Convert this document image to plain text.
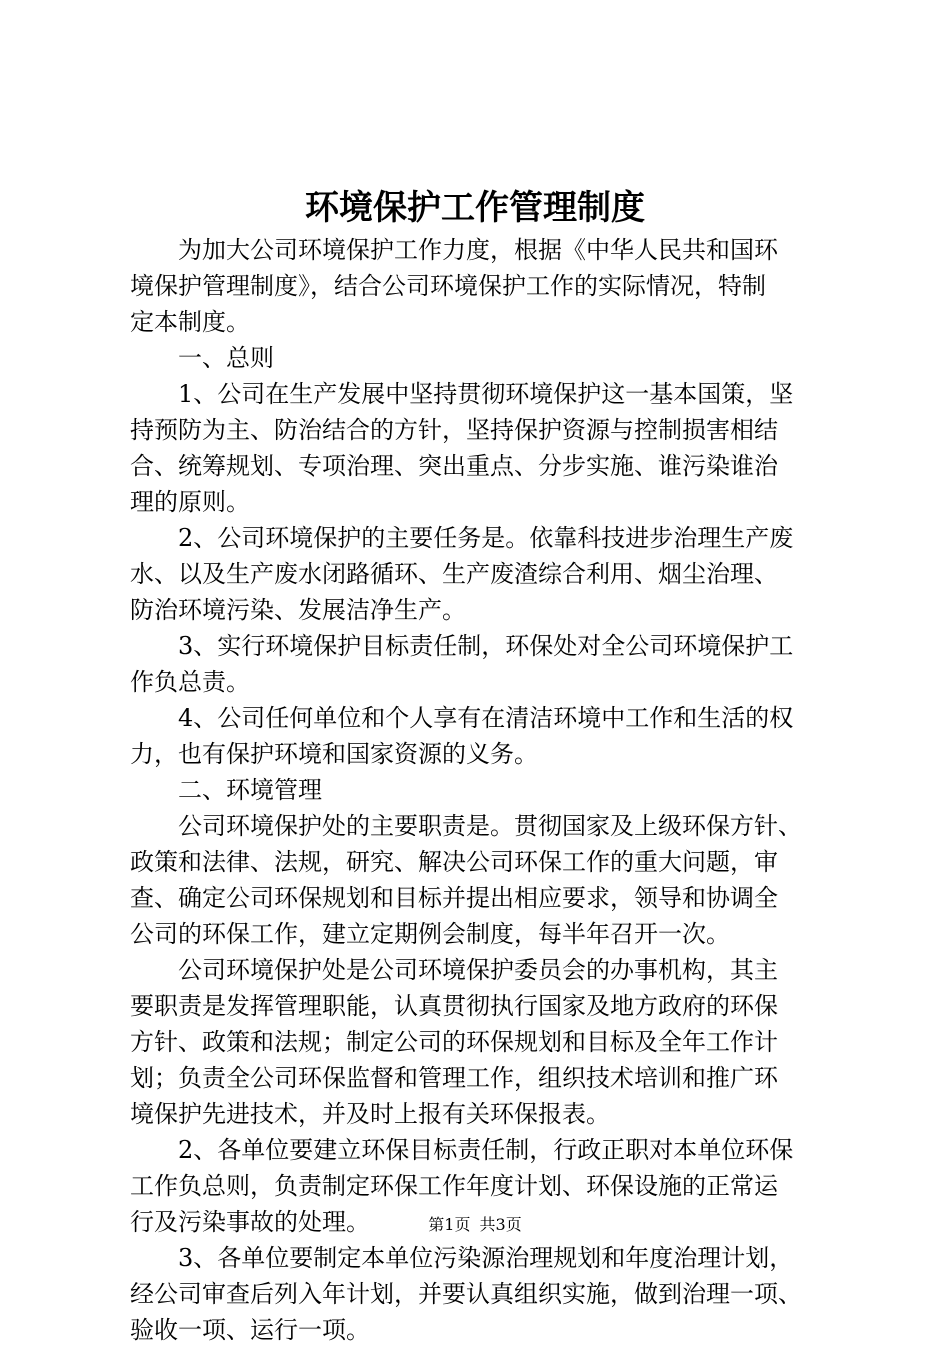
环境保护工作管理制度
为加大公司环境保护工作力度，根据《中华人民共和国环
境保护管理制度》，结合公司环境保护工作的实际情况，特制
定本制度。
一、总则
1、公司在生产发展中坚持贯彻环境保护这一基本国策，坚
持预防为主、防治结合的方针，坚持保护资源与控制损害相结
合、统筹规划、专项治理、突出重点、分步实施、谁污染谁治
理的原则。
2、公司环境保护的主要任务是。依靠科技进步治理生产废
水、以及生产废水闭路循环、生产废渣综合利用、烟尘治理、
防治环境污染、发展洁净生产。
3、实行环境保护目标责任制，环保处对全公司环境保护工
作负总责。
4、公司任何单位和个人享有在清洁环境中工作和生活的权
力，也有保护环境和国家资源的义务。
二、环境管理
公司环境保护处的主要职责是。贯彻国家及上级环保方针、
政策和法律、法规，研究、解决公司环保工作的重大问题，审
查、确定公司环保规划和目标并提出相应要求，领导和协调全
公司的环保工作，建立定期例会制度，每半年召开一次。
公司环境保护处是公司环境保护委员会的办事机构，其主
要职责是发挥管理职能，认真贯彻执行国家及地方政府的环保
方针、政策和法规；制定公司的环保规划和目标及全年工作计
划；负责全公司环保监督和管理工作，组织技术培训和推广环
境保护先进技术，并及时上报有关环保报表。
2、各单位要建立环保目标责任制，行政正职对本单位环保
工作负总则，负责制定环保工作年度计划、环保设施的正常运
行及污染事故的处理。
3、各单位要制定本单位污染源治理规划和年度治理计划，
经公司审查后列入年计划，并要认真组织实施，做到治理一项、
验收一项、运行一项。
第1页 共3页
